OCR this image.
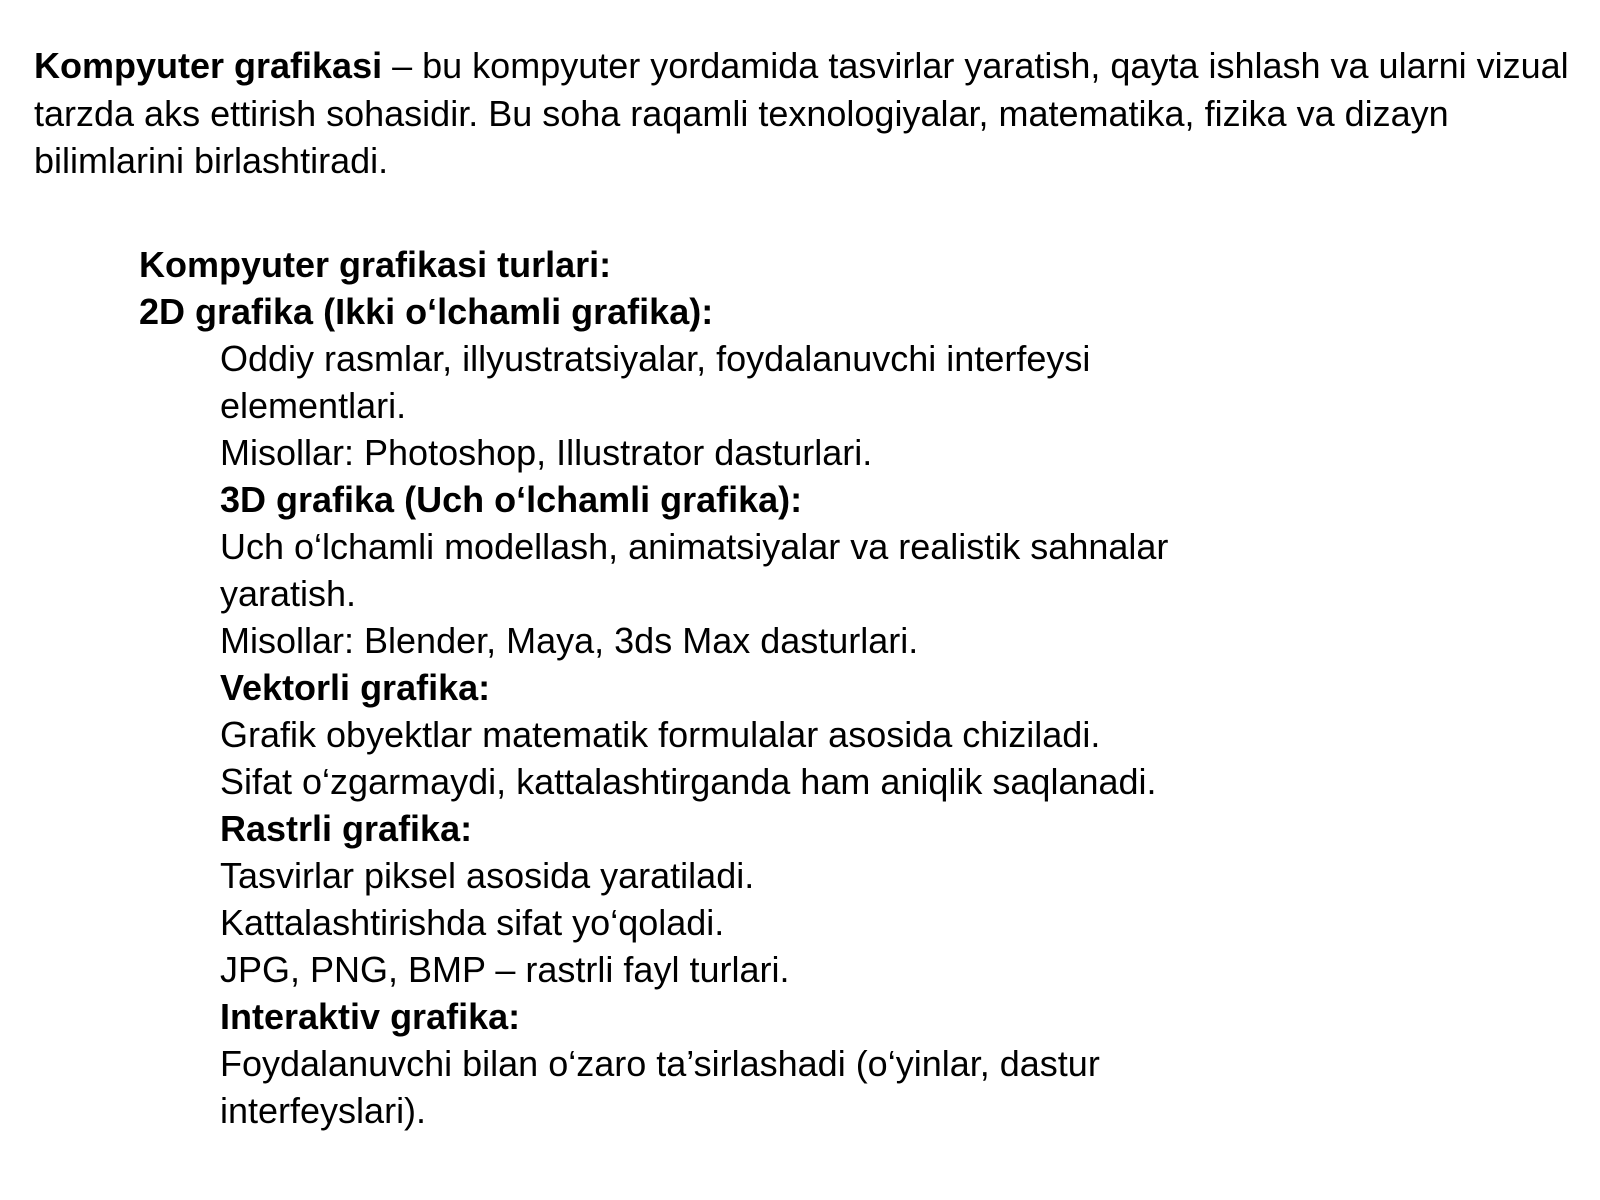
Kompyuter grafikasi – bu kompyuter yordamida tasvirlar yaratish, qayta ishlash va ularni vizual tarzda aks ettirish sohasidir. Bu soha raqamli texnologiyalar, matematika, fizika va dizayn bilimlarini birlashtiradi.

Kompyuter grafikasi turlari:
2D grafika (Ikki o‘lchamli grafika):
Oddiy rasmlar, illyustratsiyalar, foydalanuvchi interfeysi
elementlari.
Misollar: Photoshop, Illustrator dasturlari.
3D grafika (Uch o‘lchamli grafika):
Uch o‘lchamli modellash, animatsiyalar va realistik sahnalar
yaratish.
Misollar: Blender, Maya, 3ds Max dasturlari.
Vektorli grafika:
Grafik obyektlar matematik formulalar asosida chiziladi.
Sifat o‘zgarmaydi, kattalashtirganda ham aniqlik saqlanadi.
Rastrli grafika:
Tasvirlar piksel asosida yaratiladi.
Kattalashtirishda sifat yo‘qoladi.
JPG, PNG, BMP – rastrli fayl turlari.
Interaktiv grafika:
Foydalanuvchi bilan o‘zaro ta’sirlashadi (o‘yinlar, dastur
interfeyslari).
